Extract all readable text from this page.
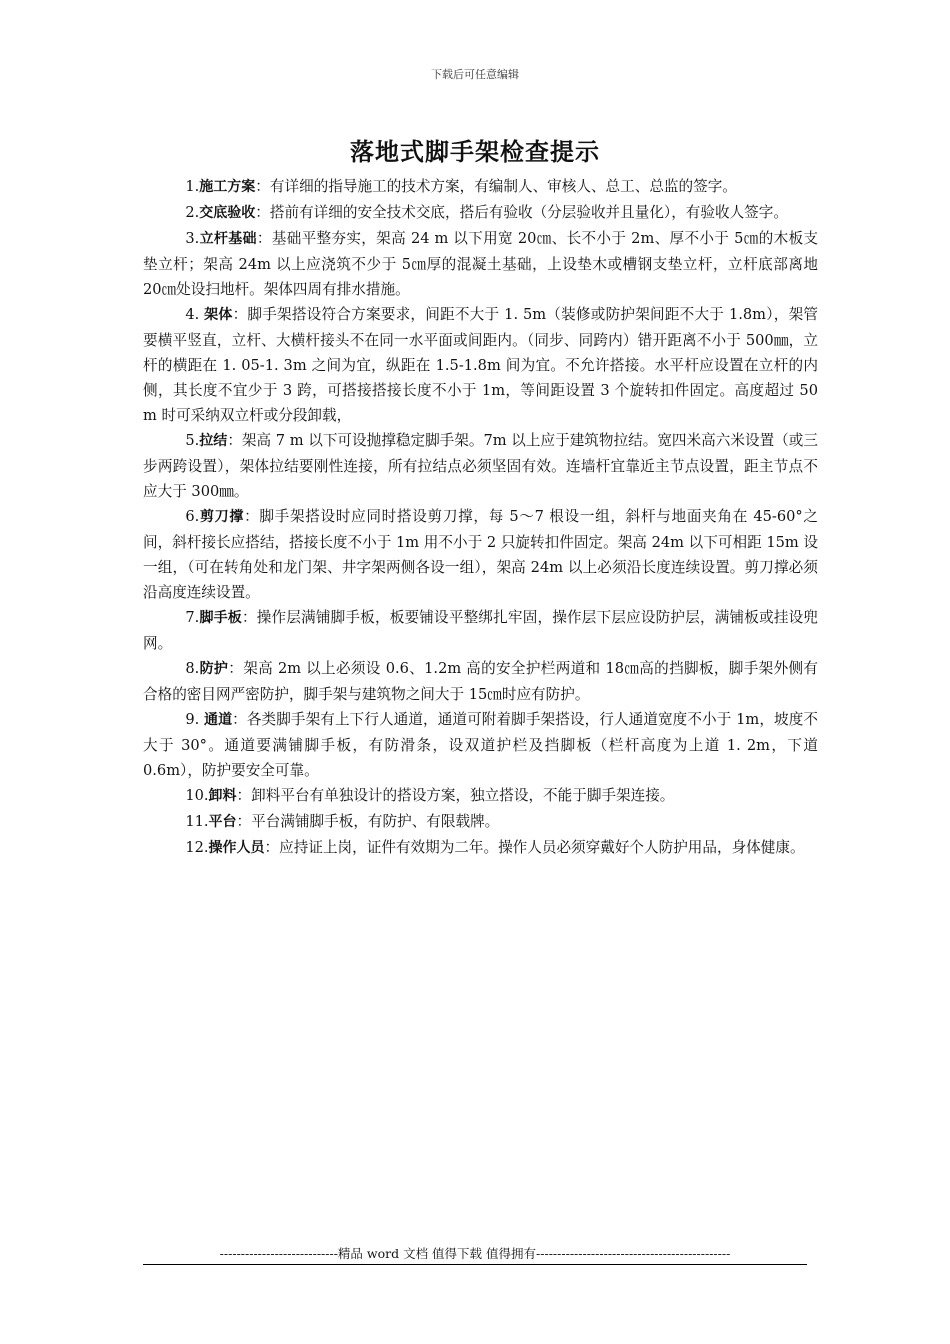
下载后可任意编辑
落地式脚手架检查提示

1.施工方案：有详细的指导施工的技术方案，有编制人、审核人、总工、总监的签字。

2.交底验收：搭前有详细的安全技术交底，搭后有验收（分层验收并且量化），有验收人签字。

3.立杆基础：基础平整夯实，架高 24 m 以下用宽 20㎝、长不小于 2m、厚不小于 5㎝的木板支垫立杆；架高 24m 以上应浇筑不少于 5㎝厚的混凝土基础，上设垫木或槽钢支垫立杆，立杆底部离地 20㎝处设扫地杆。架体四周有排水措施。

4. 架体：脚手架搭设符合方案要求，间距不大于 1. 5m（装修或防护架间距不大于 1.8m），架管要横平竖直，立杆、大横杆接头不在同一水平面或间距内。（同步、同跨内）错开距离不小于 500㎜，立杆的横距在 1. 05-1. 3m 之间为宜，纵距在 1.5-1.8m 间为宜。不允许搭接。水平杆应设置在立杆的内侧，其长度不宜少于 3 跨，可搭接搭接长度不小于 1m，等间距设置 3 个旋转扣件固定。高度超过 50 m 时可采纳双立杆或分段卸载，

5.拉结：架高 7 m 以下可设抛撑稳定脚手架。7m 以上应于建筑物拉结。宽四米高六米设置（或三步两跨设置），架体拉结要刚性连接，所有拉结点必须坚固有效。连墙杆宜靠近主节点设置，距主节点不应大于 300㎜。

6.剪刀撑：脚手架搭设时应同时搭设剪刀撑，每 5～7 根设一组，斜杆与地面夹角在 45-60°之间，斜杆接长应搭结，搭接长度不小于 1m 用不小于 2 只旋转扣件固定。架高 24m 以下可相距 15m 设一组，（可在转角处和龙门架、井字架两侧各设一组），架高 24m 以上必须沿长度连续设置。剪刀撑必须沿高度连续设置。

7.脚手板：操作层满铺脚手板，板要铺设平整绑扎牢固，操作层下层应设防护层，满铺板或挂设兜网。

8.防护：架高 2m 以上必须设 0.6、1.2m 高的安全护栏两道和 18㎝高的挡脚板，脚手架外侧有合格的密目网严密防护，脚手架与建筑物之间大于 15㎝时应有防护。

9. 通道：各类脚手架有上下行人通道，通道可附着脚手架搭设，行人通道宽度不小于 1m，坡度不大于 30°。通道要满铺脚手板，有防滑条，设双道护栏及挡脚板（栏杆高度为上道 1. 2m，下道 0.6m），防护要安全可靠。

10.卸料：卸料平台有单独设计的搭设方案，独立搭设，不能于脚手架连接。

11.平台：平台满铺脚手板，有防护、有限载牌。

12.操作人员：应持证上岗，证件有效期为二年。操作人员必须穿戴好个人防护用品，身体健康。

----------------------------精品 word 文档 值得下载 值得拥有----------------------------------------------
